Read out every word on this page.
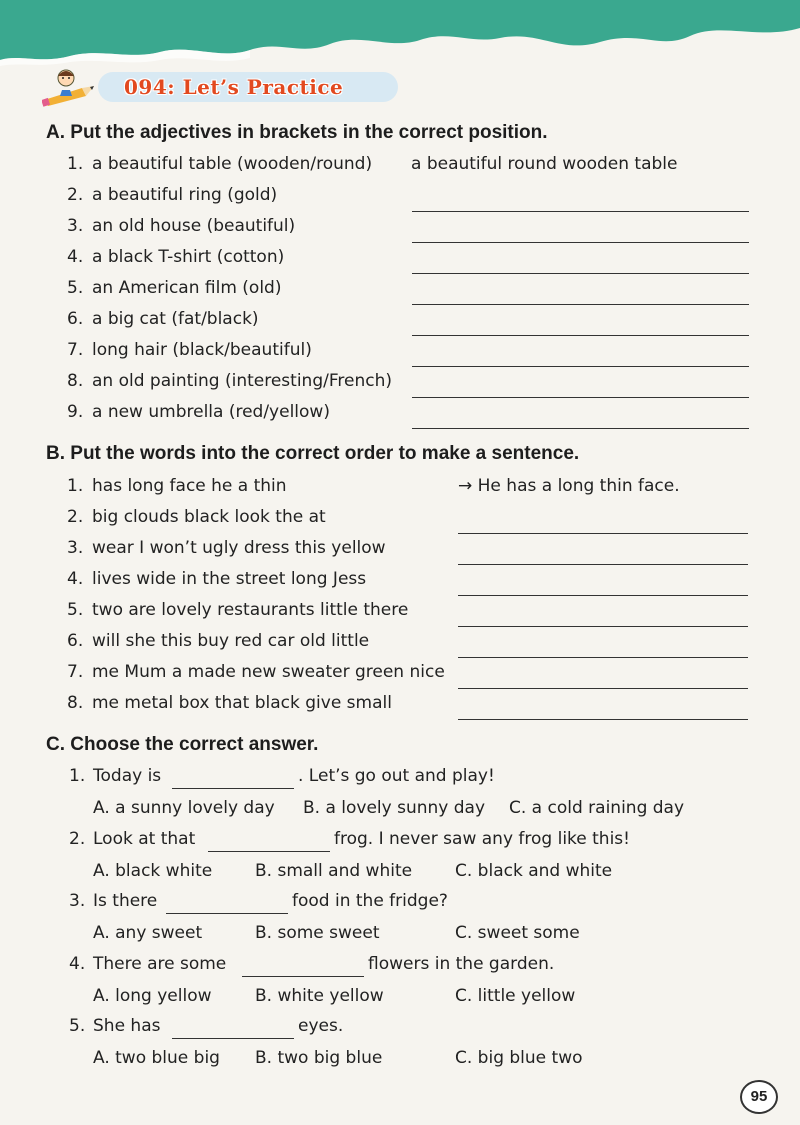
094: Let’s Practice
A. Put the adjectives in brackets in the correct position.
1. a beautiful table (wooden/round) a beautiful round wooden table
2. a beautiful ring (gold)
3. an old house (beautiful)
4. a black T-shirt (cotton)
5. an American film (old)
6. a big cat (fat/black)
7. long hair (black/beautiful)
8. an old painting (interesting/French)
9. a new umbrella (red/yellow)
B. Put the words into the correct order to make a sentence.
1. has long face he a thin	→ He has a long thin face.
2. big clouds black look the at
3. wear I won’t ugly dress this yellow
4. lives wide in the street long Jess
5. two are lovely restaurants little there
6. will she this buy red car old little
7. me Mum a made new sweater green nice
8. me metal box that black give small
C. Choose the correct answer.
1. Today is	. Let’s go out and play!
A. a sunny lovely day B. a lovely sunny day C. a cold raining day
2. Look at that	frog. I never saw any frog like this!
A. black white	B. small and white	C. black and white
3. Is there	food in the fridge?
A. any sweet	B. some sweet	C. sweet some
4. There are some	flowers in the garden.
A. long yellow	B. white yellow	C. little yellow
5. She has	eyes.
A. two blue big B. two big blue	C. big blue two
95
